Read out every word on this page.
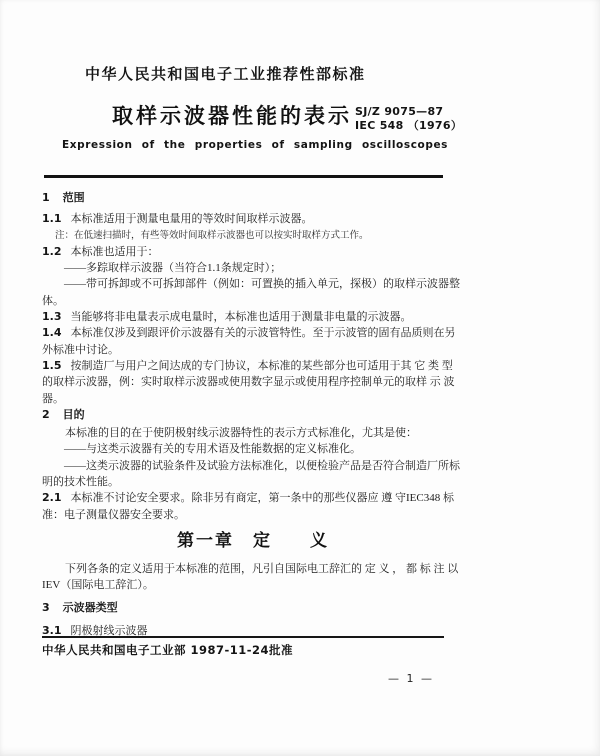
中华人民共和国电子工业推荐性部标准
取样示波器性能的表示 SJ/Z 9075—87
IEC 548 （1976）
Expression of the properties of sampling oscilloscopes
1 范围
1.1 本标准适用于测量电量用的等效时间取样示波器。
注：在低速扫描时，有些等效时间取样示波器也可以按实时取样方式工作。
1.2 本标准也适用于：
——多踪取样示波器（当符合1.1条规定时）；
——带可拆卸或不可拆卸部件（例如：可置换的插入单元，探极）的取样示波器整
体。
1.3 当能够将非电量表示成电量时，本标准也适用于测量非电量的示波器。
1.4 本标准仅涉及到跟评价示波器有关的示波管特性。至于示波管的固有品质则在另
外标准中讨论。
1.5 按制造厂与用户之间达成的专门协议，本标准的某些部分也可适用于其 它 类 型
的取样示波器，例：实时取样示波器或使用数字显示或使用程序控制单元的取样 示 波
器。
2 目的
本标准的目的在于使阴极射线示波器特性的表示方式标准化，尤其是使：
——与这类示波器有关的专用术语及性能数据的定义标准化。
——这类示波器的试验条件及试验方法标准化，以便检验产品是否符合制造厂所标
明的技术性能。
2.1 本标准不讨论安全要求。除非另有商定，第一条中的那些仪器应 遵 守IEC348 标
准：电子测量仪器安全要求。
第一章　定　　义
下列各条的定义适用于本标准的范围，凡引自国际电工辞汇的 定 义 ， 都 标 注 以
IEV（国际电工辞汇）。
3 示波器类型
3.1 阴极射线示波器
中华人民共和国电子工业部 1987-11-24批准
— 1 —
